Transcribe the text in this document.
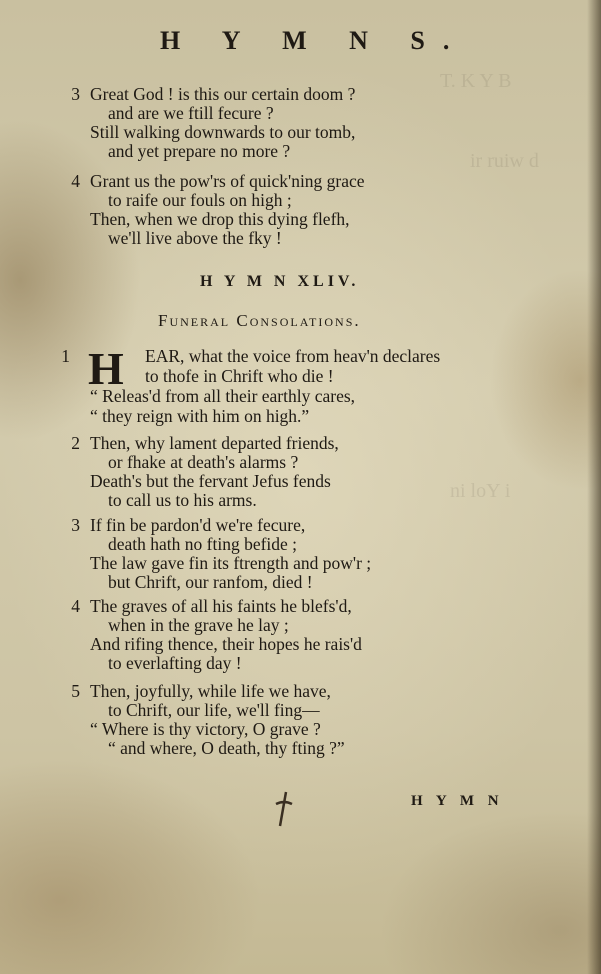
T. K Y B
ir ruiw d
ni loY i
H Y M N S.
3 Great God ! is this our certain doom ?
and are we ftill fecure ?
Still walking downwards to our tomb,
and yet prepare no more ?
4 Grant us the pow'rs of quick'ning grace
to raife our fouls on high ;
Then, when we drop this dying flefh,
we'll live above the fky !
H Y M N XLIV.
Funeral Consolations.
1	EAR, what the voice from heav'n declares
to thofe in Chrift who die !
“ Releas'd from all their earthly cares,
“ they reign with him on high.”
H
2 Then, why lament departed friends,
or fhake at death's alarms ?
Death's but the fervant Jefus fends
to call us to his arms.
3 If fin be pardon'd we're fecure,
death hath no fting befide ;
The law gave fin its ftrength and pow'r ;
but Chrift, our ranfom, died !
4 The graves of all his faints he blefs'd,
when in the grave he lay ;
And rifing thence, their hopes he rais'd
to everlafting day !
5 Then, joyfully, while life we have,
to Chrift, our life, we'll fing—
“ Where is thy victory, O grave ?
“ and where, O death, thy fting ?”
H Y M N
